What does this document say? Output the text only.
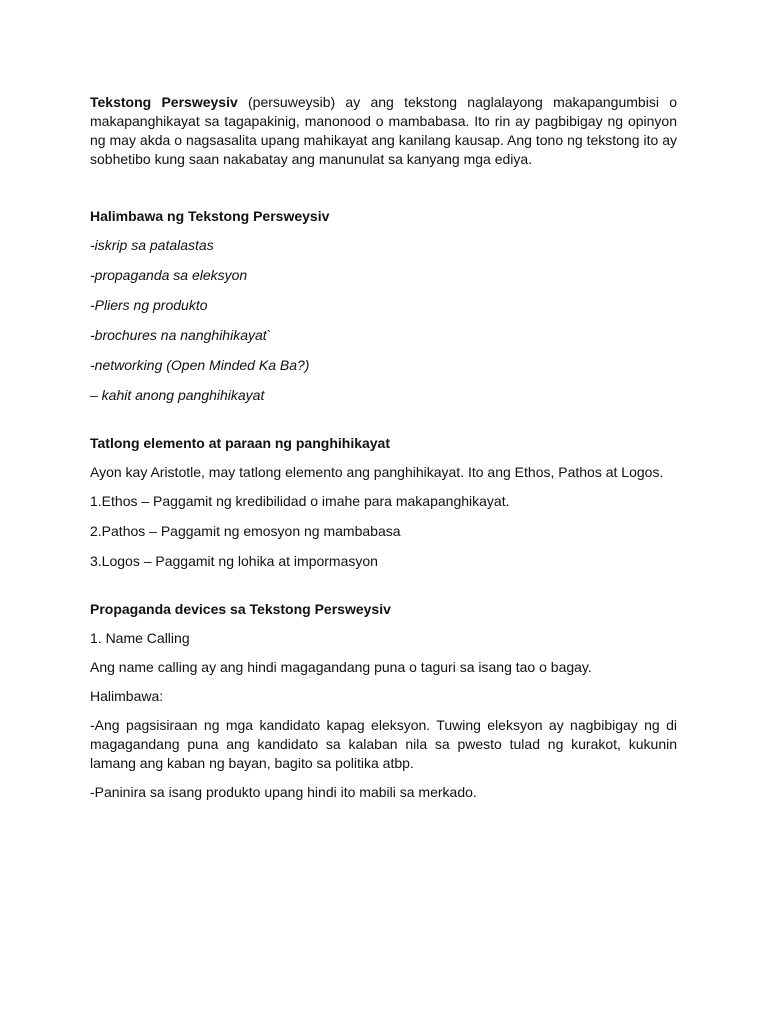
Tekstong Persweysiv (persuweysib) ay ang tekstong naglalayong makapangumbisi o makapanghikayat sa tagapakinig, manonood o mambabasa. Ito rin ay pagbibigay ng opinyon ng may akda o nagsasalita upang mahikayat ang kanilang kausap. Ang tono ng tekstong ito ay sobhetibo kung saan nakabatay ang manunulat sa kanyang mga ediya.

Halimbawa ng Tekstong Persweysiv

-iskrip sa patalastas

-propaganda sa eleksyon

-Pliers ng produkto

-brochures na nanghihikayat`

-networking (Open Minded Ka Ba?)

– kahit anong panghihikayat

Tatlong elemento at paraan ng panghihikayat

Ayon kay Aristotle, may tatlong elemento ang panghihikayat. Ito ang Ethos, Pathos at Logos.

1.Ethos – Paggamit ng kredibilidad o imahe para makapanghikayat.

2.Pathos – Paggamit ng emosyon ng mambabasa

3.Logos – Paggamit ng lohika at impormasyon

Propaganda devices sa Tekstong Persweysiv

1. Name Calling

Ang name calling ay ang hindi magagandang puna o taguri sa isang tao o bagay.

Halimbawa:

-Ang pagsisiraan ng mga kandidato kapag eleksyon. Tuwing eleksyon ay nagbibigay ng di magagandang puna ang kandidato sa kalaban nila sa pwesto tulad ng kurakot, kukunin lamang ang kaban ng bayan, bagito sa politika atbp.

-Paninira sa isang produkto upang hindi ito mabili sa merkado.
